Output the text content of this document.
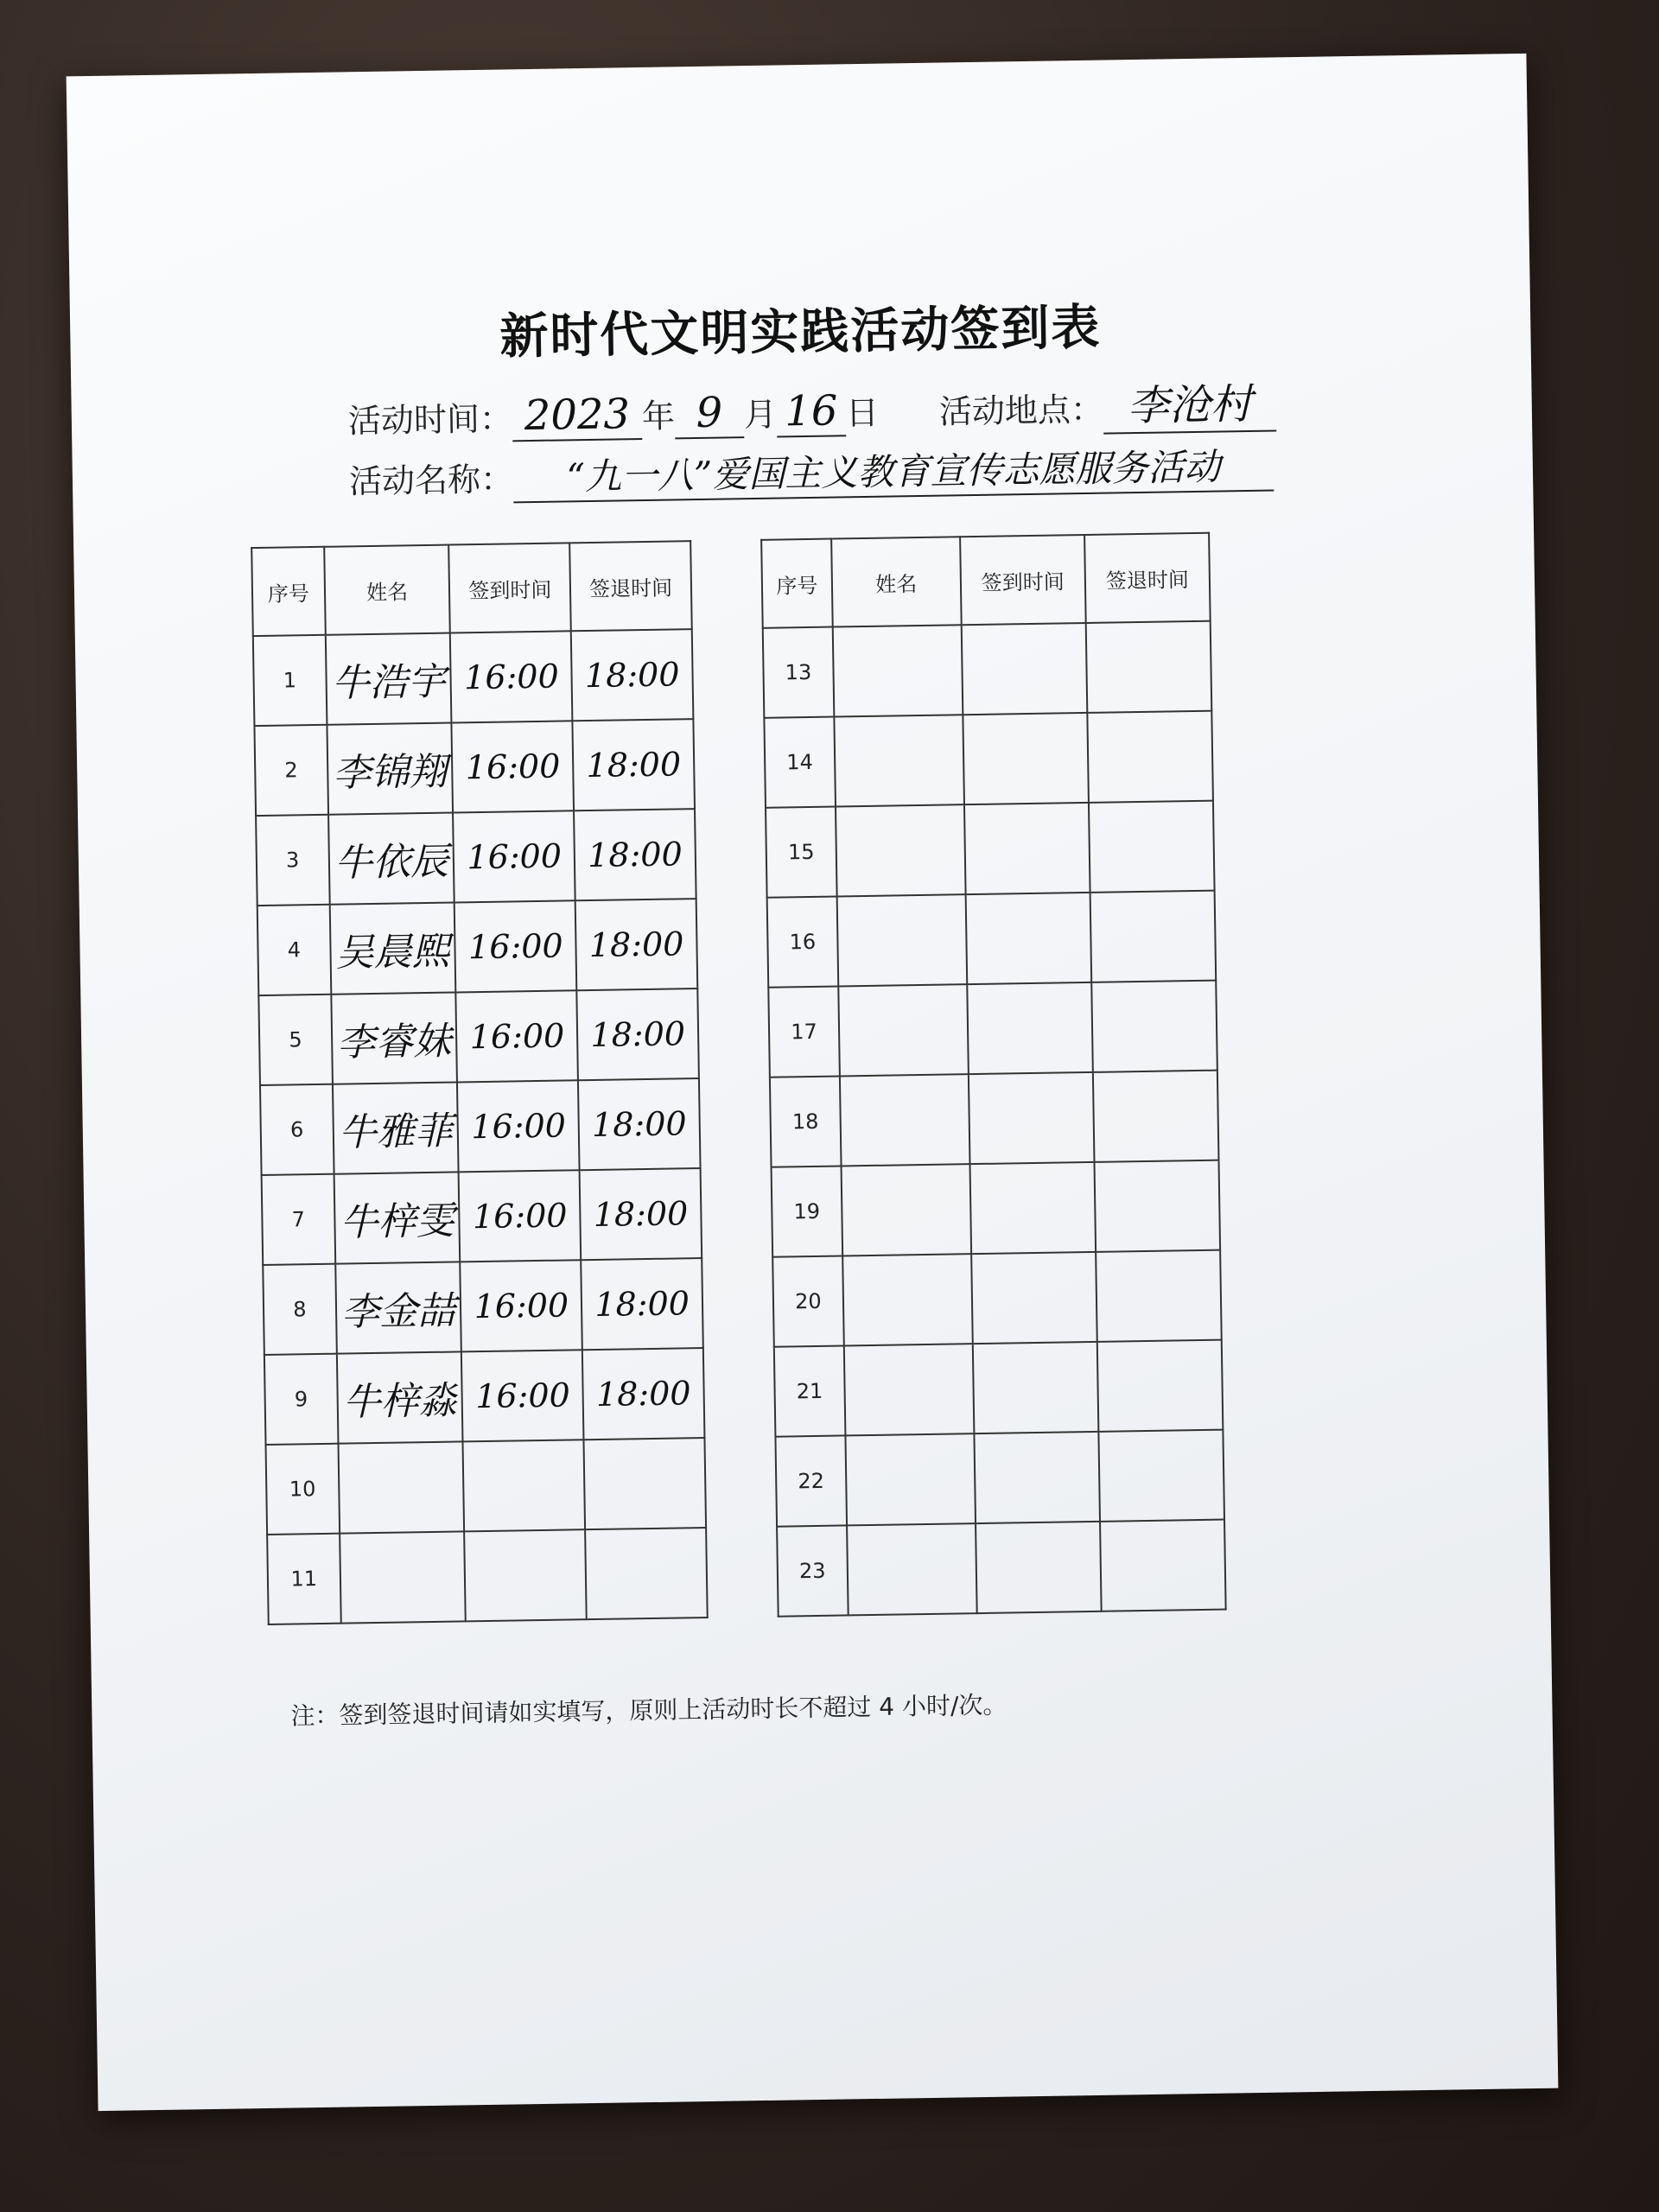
新时代文明实践活动签到表
活动时间： 2023 年 9 月 16 日 活动地点： 李沧村
活动名称： “九一八”爱国主义教育宣传志愿服务活动
序号	姓名	签到时间	签退时间
1	牛浩宇	16:00	18:00
2	李锦翔	16:00	18:00
3	牛依辰	16:00	18:00
4	吴晨熙	16:00	18:00
5	李睿妹	16:00	18:00
6	牛雅菲	16:00	18:00
7	牛梓雯	16:00	18:00
8	李金喆	16:00	18:00
9	牛梓淼	16:00	18:00
10			
11			
序号	姓名	签到时间	签退时间
13			
14			
15			
16			
17			
18			
19			
20			
21			
22			
23			
注：签到签退时间请如实填写，原则上活动时长不超过 4 小时/次。
